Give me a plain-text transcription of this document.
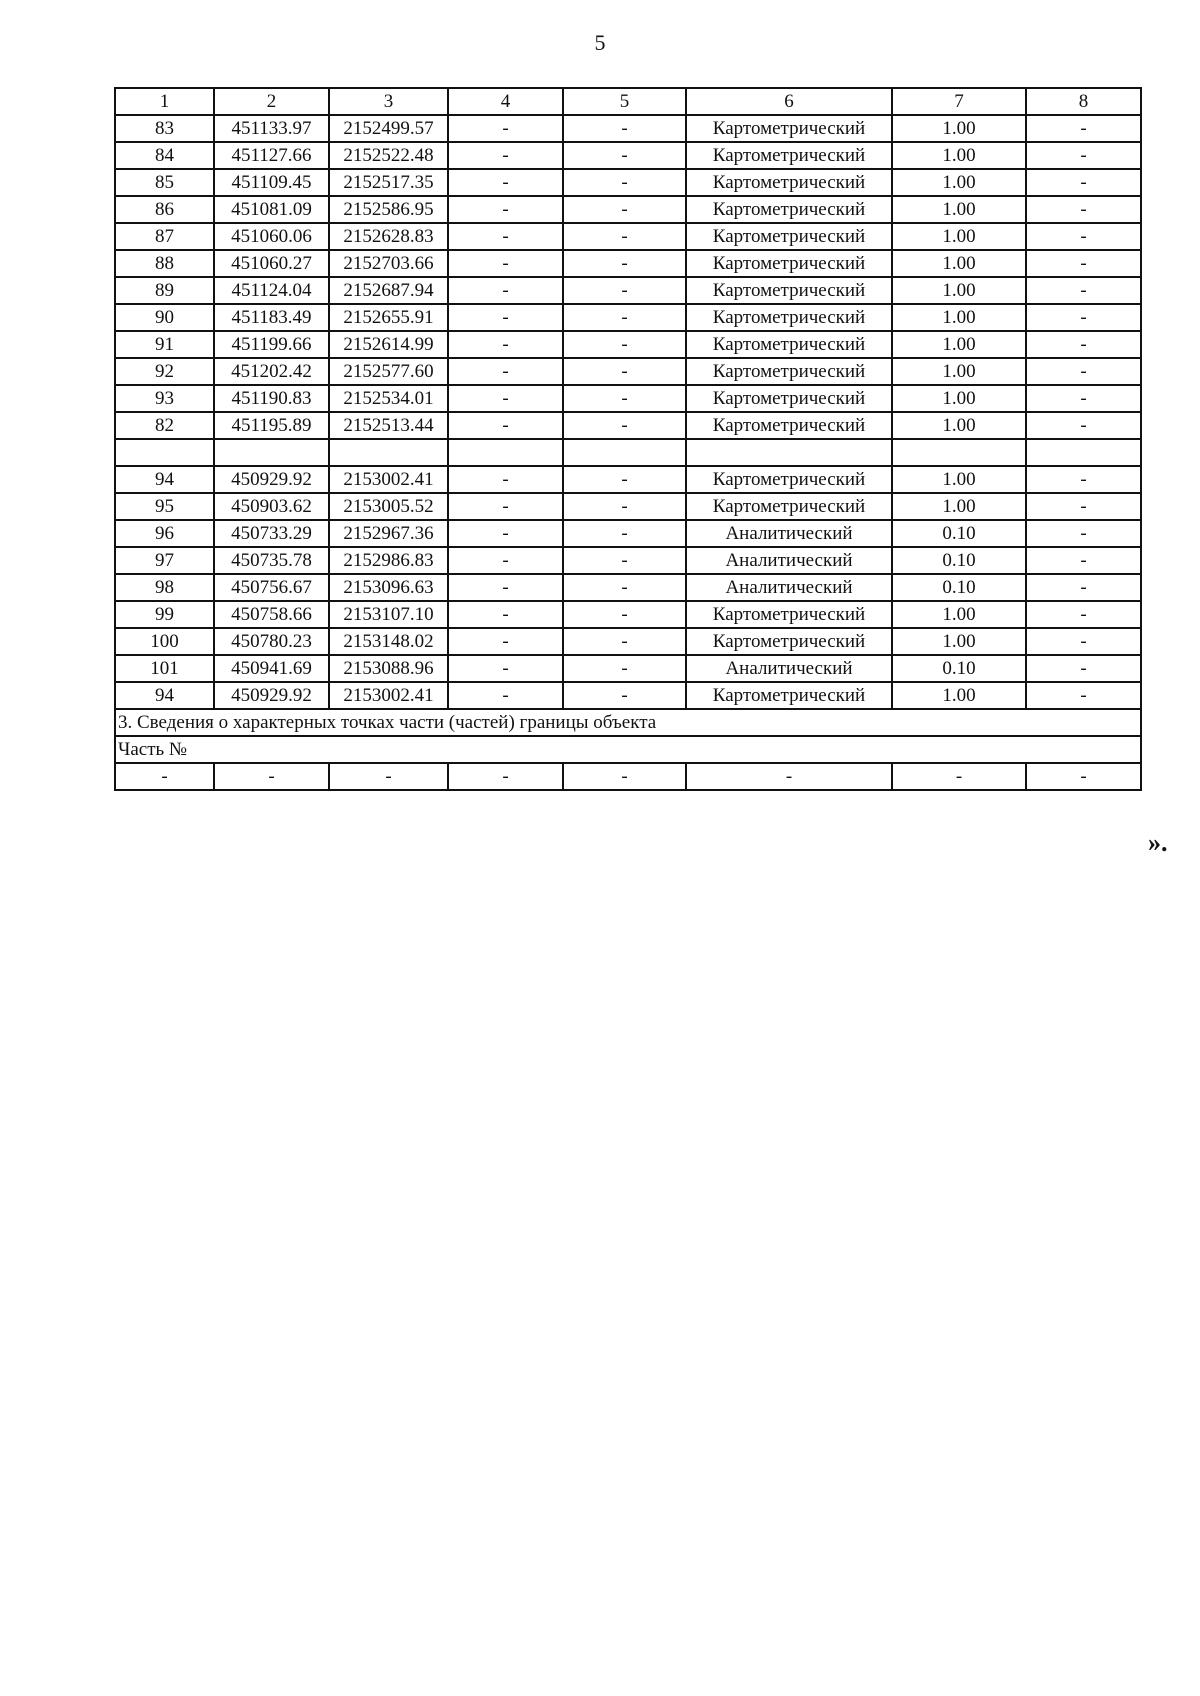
5
1	2	3	4	5	6	7	8
83	451133.97	2152499.57	-	-	Картометрический	1.00	-
84	451127.66	2152522.48	-	-	Картометрический	1.00	-
85	451109.45	2152517.35	-	-	Картометрический	1.00	-
86	451081.09	2152586.95	-	-	Картометрический	1.00	-
87	451060.06	2152628.83	-	-	Картометрический	1.00	-
88	451060.27	2152703.66	-	-	Картометрический	1.00	-
89	451124.04	2152687.94	-	-	Картометрический	1.00	-
90	451183.49	2152655.91	-	-	Картометрический	1.00	-
91	451199.66	2152614.99	-	-	Картометрический	1.00	-
92	451202.42	2152577.60	-	-	Картометрический	1.00	-
93	451190.83	2152534.01	-	-	Картометрический	1.00	-
82	451195.89	2152513.44	-	-	Картометрический	1.00	-

94	450929.92	2153002.41	-	-	Картометрический	1.00	-
95	450903.62	2153005.52	-	-	Картометрический	1.00	-
96	450733.29	2152967.36	-	-	Аналитический	0.10	-
97	450735.78	2152986.83	-	-	Аналитический	0.10	-
98	450756.67	2153096.63	-	-	Аналитический	0.10	-
99	450758.66	2153107.10	-	-	Картометрический	1.00	-
100	450780.23	2153148.02	-	-	Картометрический	1.00	-
101	450941.69	2153088.96	-	-	Аналитический	0.10	-
94	450929.92	2153002.41	-	-	Картометрический	1.00	-
3. Сведения о характерных точках части (частей) границы объекта							
Часть №							
-	-	-	-	-	-	-	-
».
